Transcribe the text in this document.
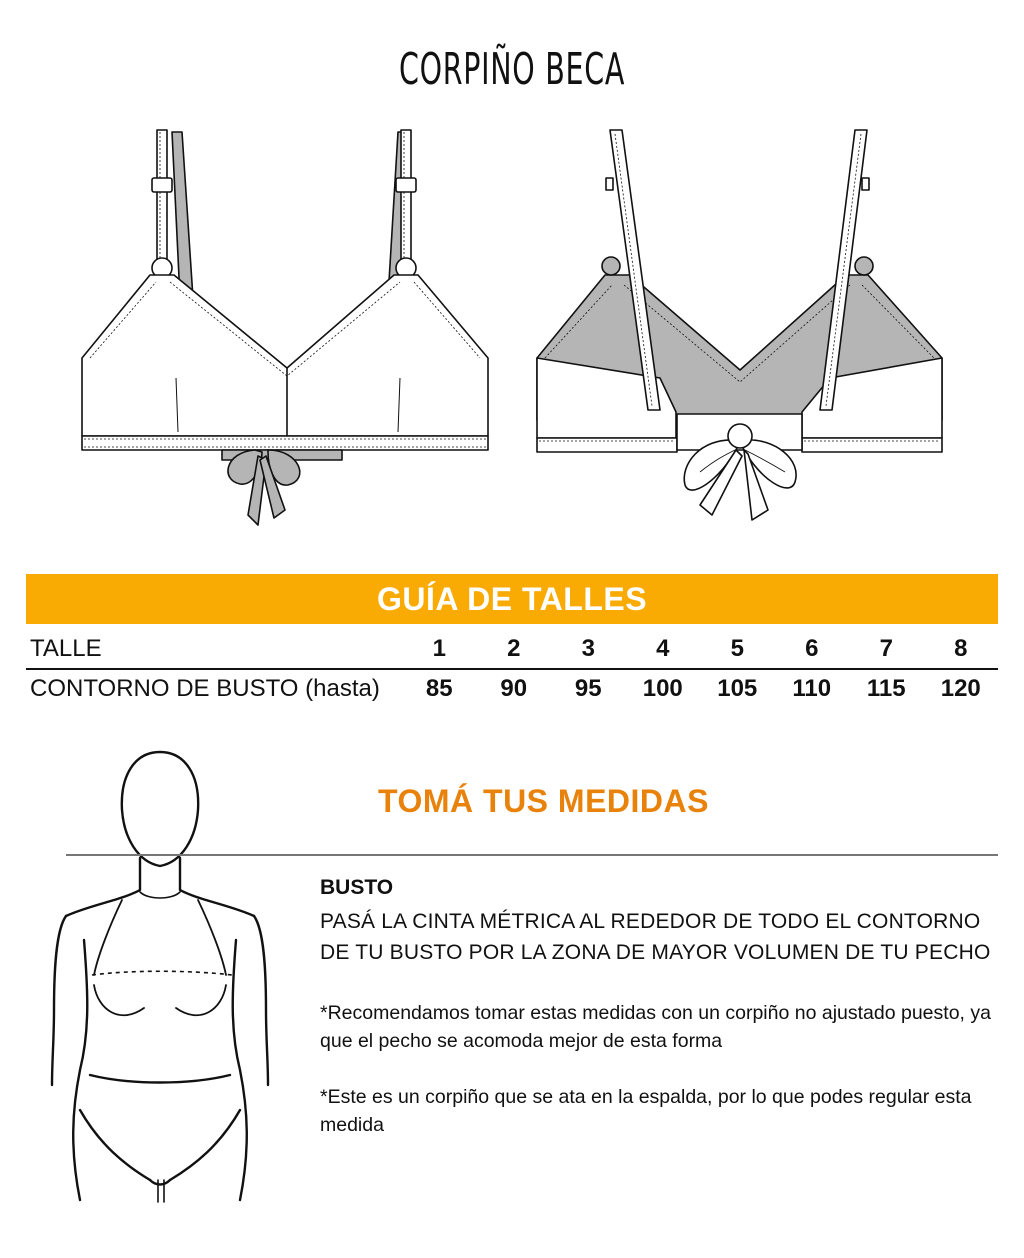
CORPIÑO BECA
GUÍA DE TALLES
TALLE	1	2	3	4	5	6	7	8
CONTORNO DE BUSTO (hasta)	85	90	95	100	105	110	115	120
TOMÁ TUS MEDIDAS
BUSTO
PASÁ LA CINTA MÉTRICA AL REDEDOR DE TODO EL CONTORNO DE TU BUSTO POR LA ZONA DE MAYOR VOLUMEN DE TU PECHO
*Recomendamos tomar estas medidas con un corpiño no ajustado puesto, ya que el pecho se acomoda mejor de esta forma
*Este es un corpiño que se ata en la espalda, por lo que podes regular esta medida
